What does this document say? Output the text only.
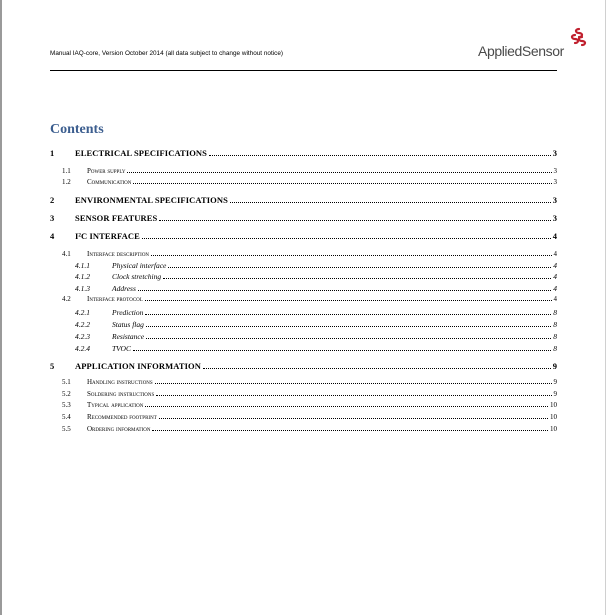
Manual IAQ-core, Version October 2014 (all data subject to change without notice)	AppliedSensor
Contents
1 ELECTRICAL SPECIFICATIONS	3
1.1 Power supply	3
1.2 Communication	3
2 ENVIRONMENTAL SPECIFICATIONS	3
3 SENSOR FEATURES	3
4 I²C INTERFACE	4
4.1 Interface description	4
4.1.1	Physical interface	4
4.1.2	Clock stretching	4
4.1.3	Address	4
4.2 Interface protocol	4
4.2.1	Prediction	8
4.2.2	Status flag	8
4.2.3	Resistance	8
4.2.4	TVOC	8
5 APPLICATION INFORMATION	9
5.1 Handling instructions	9
5.2 Soldering instructions	9
5.3 Typical application	10
5.4 Recommended footprint	10
5.5 Ordering information	10
